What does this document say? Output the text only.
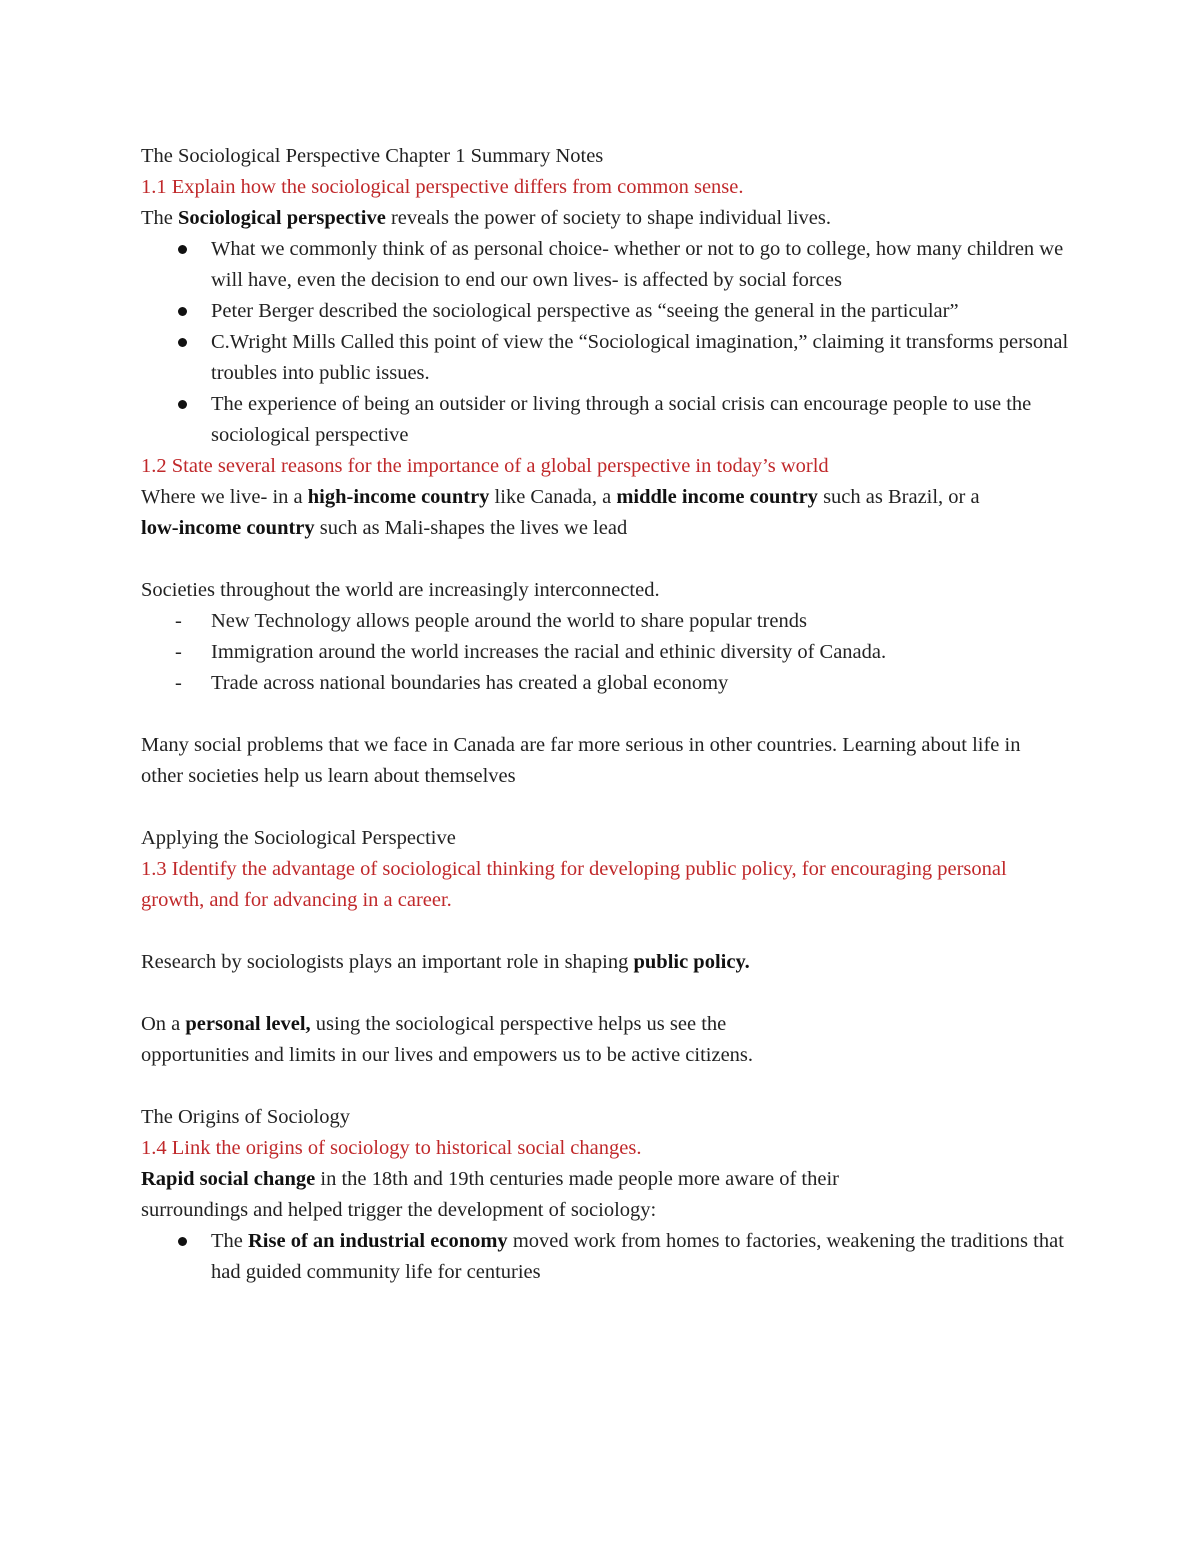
The Sociological Perspective Chapter 1 Summary Notes

1.1 Explain how the sociological perspective differs from common sense.

The Sociological perspective reveals the power of society to shape individual lives.

What we commonly think of as personal choice- whether or not to go to college, how many children we will have, even the decision to end our own lives- is affected by social forces
Peter Berger described the sociological perspective as “seeing the general in the particular”
C.Wright Mills Called this point of view the “Sociological imagination,” claiming it transforms personal troubles into public issues.
The experience of being an outsider or living through a social crisis can encourage people to use the sociological perspective

1.2 State several reasons for the importance of a global perspective in today’s world

Where we live- in a high-income country like Canada, a middle income country such as Brazil, or a
low-income country such as Mali-shapes the lives we lead

Societies throughout the world are increasingly interconnected.

- New Technology allows people around the world to share popular trends
- Immigration around the world increases the racial and ethinic diversity of Canada.
- Trade across national boundaries has created a global economy

Many social problems that we face in Canada are far more serious in other countries. Learning about life in other societies help us learn about themselves

Applying the Sociological Perspective

1.3 Identify the advantage of sociological thinking for developing public policy, for encouraging personal growth, and for advancing in a career.

Research by sociologists plays an important role in shaping public policy.

On a personal level, using the sociological perspective helps us see the
opportunities and limits in our lives and empowers us to be active citizens.

The Origins of Sociology

1.4 Link the origins of sociology to historical social changes.

Rapid social change in the 18th and 19th centuries made people more aware of their
surroundings and helped trigger the development of sociology:

The Rise of an industrial economy moved work from homes to factories, weakening the traditions that had guided community life for centuries
